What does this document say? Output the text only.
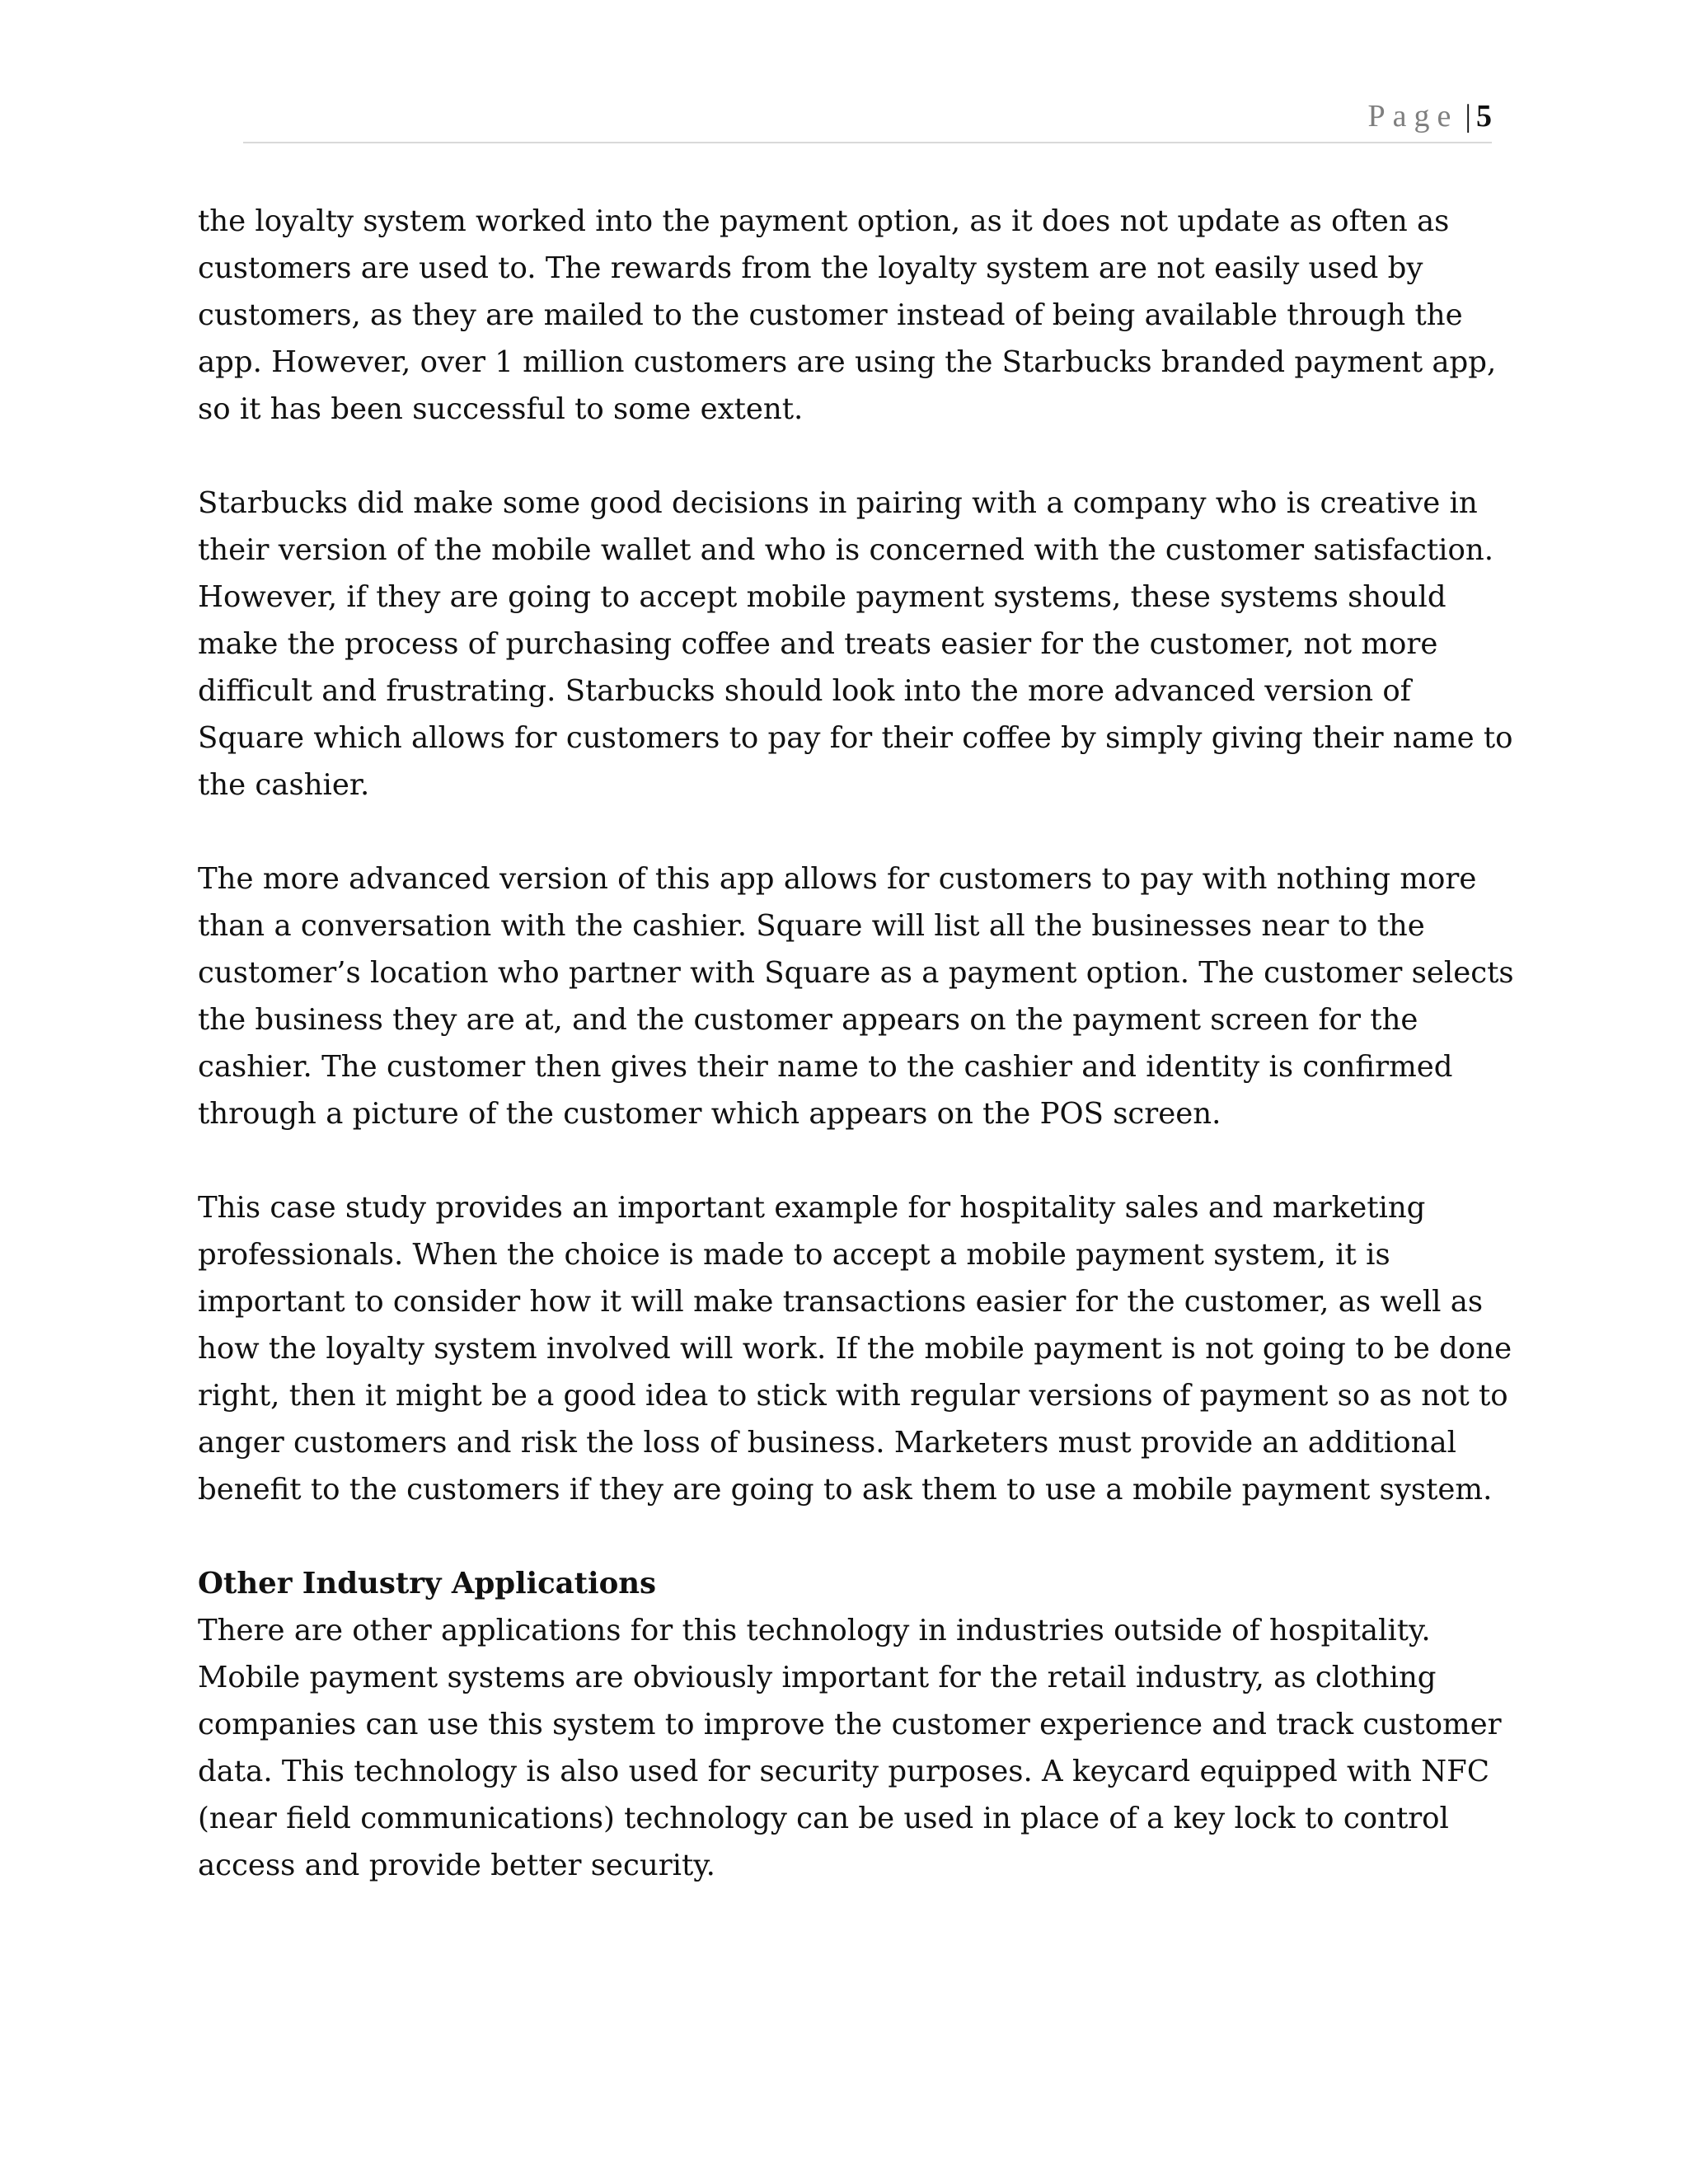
Page | 5

the loyalty system worked into the payment option, as it does not update as often as customers are used to. The rewards from the loyalty system are not easily used by customers, as they are mailed to the customer instead of being available through the app. However, over 1 million customers are using the Starbucks branded payment app, so it has been successful to some extent.

Starbucks did make some good decisions in pairing with a company who is creative in their version of the mobile wallet and who is concerned with the customer satisfaction. However, if they are going to accept mobile payment systems, these systems should make the process of purchasing coffee and treats easier for the customer, not more difficult and frustrating. Starbucks should look into the more advanced version of Square which allows for customers to pay for their coffee by simply giving their name to the cashier.

The more advanced version of this app allows for customers to pay with nothing more than a conversation with the cashier. Square will list all the businesses near to the customer’s location who partner with Square as a payment option. The customer selects the business they are at, and the customer appears on the payment screen for the cashier. The customer then gives their name to the cashier and identity is confirmed through a picture of the customer which appears on the POS screen.

This case study provides an important example for hospitality sales and marketing professionals. When the choice is made to accept a mobile payment system, it is important to consider how it will make transactions easier for the customer, as well as how the loyalty system involved will work. If the mobile payment is not going to be done right, then it might be a good idea to stick with regular versions of payment so as not to anger customers and risk the loss of business. Marketers must provide an additional benefit to the customers if they are going to ask them to use a mobile payment system.

Other Industry Applications

There are other applications for this technology in industries outside of hospitality. Mobile payment systems are obviously important for the retail industry, as clothing companies can use this system to improve the customer experience and track customer data. This technology is also used for security purposes. A keycard equipped with NFC (near field communications) technology can be used in place of a key lock to control access and provide better security.
